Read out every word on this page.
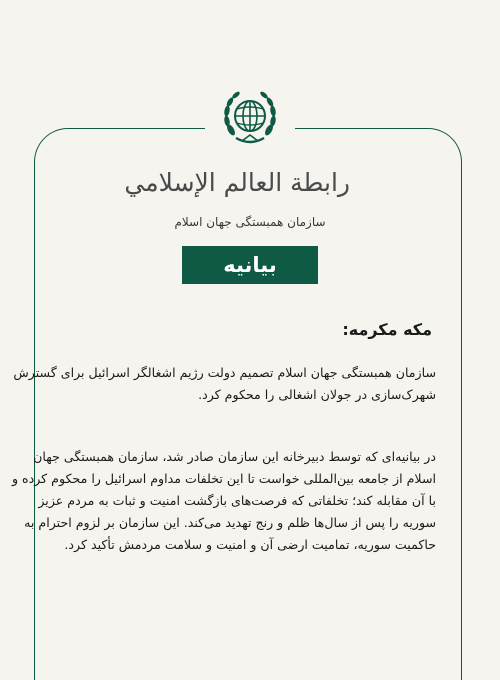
رابطة العالم الإسلامي
سازمان همبستگی جهان اسلام
بیانیه
مکه مکرمه:
سازمان همبستگی جهان اسلام تصمیم دولت رژیم اشغالگر اسرائیل برای گسترش
شهرک‌سازی در جولان اشغالی را محکوم کرد.
در بیانیه‌ای که توسط دبیرخانه این سازمان صادر شد، سازمان همبستگی جهان
اسلام از جامعه بین‌المللی خواست تا این تخلفات مداوم اسرائیل را محکوم کرده و
با آن مقابله کند؛ تخلفاتی که فرصت‌های بازگشت امنیت و ثبات به مردم عزیز
سوریه را پس از سال‌ها ظلم و رنج تهدید می‌کند. این سازمان بر لزوم احترام به
حاکمیت سوریه، تمامیت ارضی آن و امنیت و سلامت مردمش تأکید کرد.
